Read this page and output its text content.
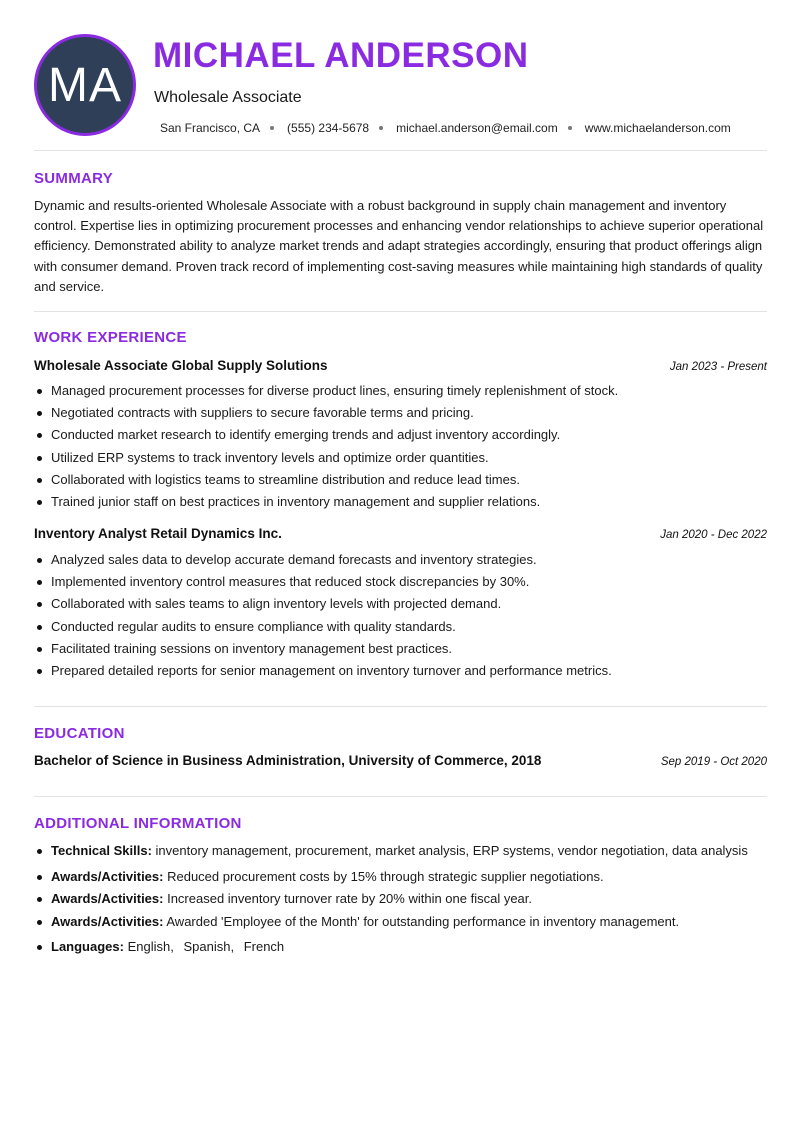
MA
MICHAEL ANDERSON
Wholesale Associate
San Francisco, CA (555) 234-5678 michael.anderson@email.com www.michaelanderson.com
SUMMARY

Dynamic and results-oriented Wholesale Associate with a robust background in supply chain management and inventory control. Expertise lies in optimizing procurement processes and enhancing vendor relationships to achieve superior operational efficiency. Demonstrated ability to analyze market trends and adapt strategies accordingly, ensuring that product offerings align with consumer demand. Proven track record of implementing cost-saving measures while maintaining high standards of quality and service.

WORK EXPERIENCE
Wholesale Associate Global Supply Solutions	Jan 2023 - Present
Managed procurement processes for diverse product lines, ensuring timely replenishment of stock.
Negotiated contracts with suppliers to secure favorable terms and pricing.
Conducted market research to identify emerging trends and adjust inventory accordingly.
Utilized ERP systems to track inventory levels and optimize order quantities.
Collaborated with logistics teams to streamline distribution and reduce lead times.
Trained junior staff on best practices in inventory management and supplier relations.
Inventory Analyst Retail Dynamics Inc.	Jan 2020 - Dec 2022
Analyzed sales data to develop accurate demand forecasts and inventory strategies.
Implemented inventory control measures that reduced stock discrepancies by 30%.
Collaborated with sales teams to align inventory levels with projected demand.
Conducted regular audits to ensure compliance with quality standards.
Facilitated training sessions on inventory management best practices.
Prepared detailed reports for senior management on inventory turnover and performance metrics.
EDUCATION
Bachelor of Science in Business Administration, University of Commerce, 2018	Sep 2019 - Oct 2020
ADDITIONAL INFORMATION
Technical Skills: inventory management, procurement, market analysis, ERP systems, vendor negotiation, data analysis
Awards/Activities: Reduced procurement costs by 15% through strategic supplier negotiations.
Awards/Activities: Increased inventory turnover rate by 20% within one fiscal year.
Awards/Activities: Awarded 'Employee of the Month' for outstanding performance in inventory management.
Languages: English, Spanish, French
